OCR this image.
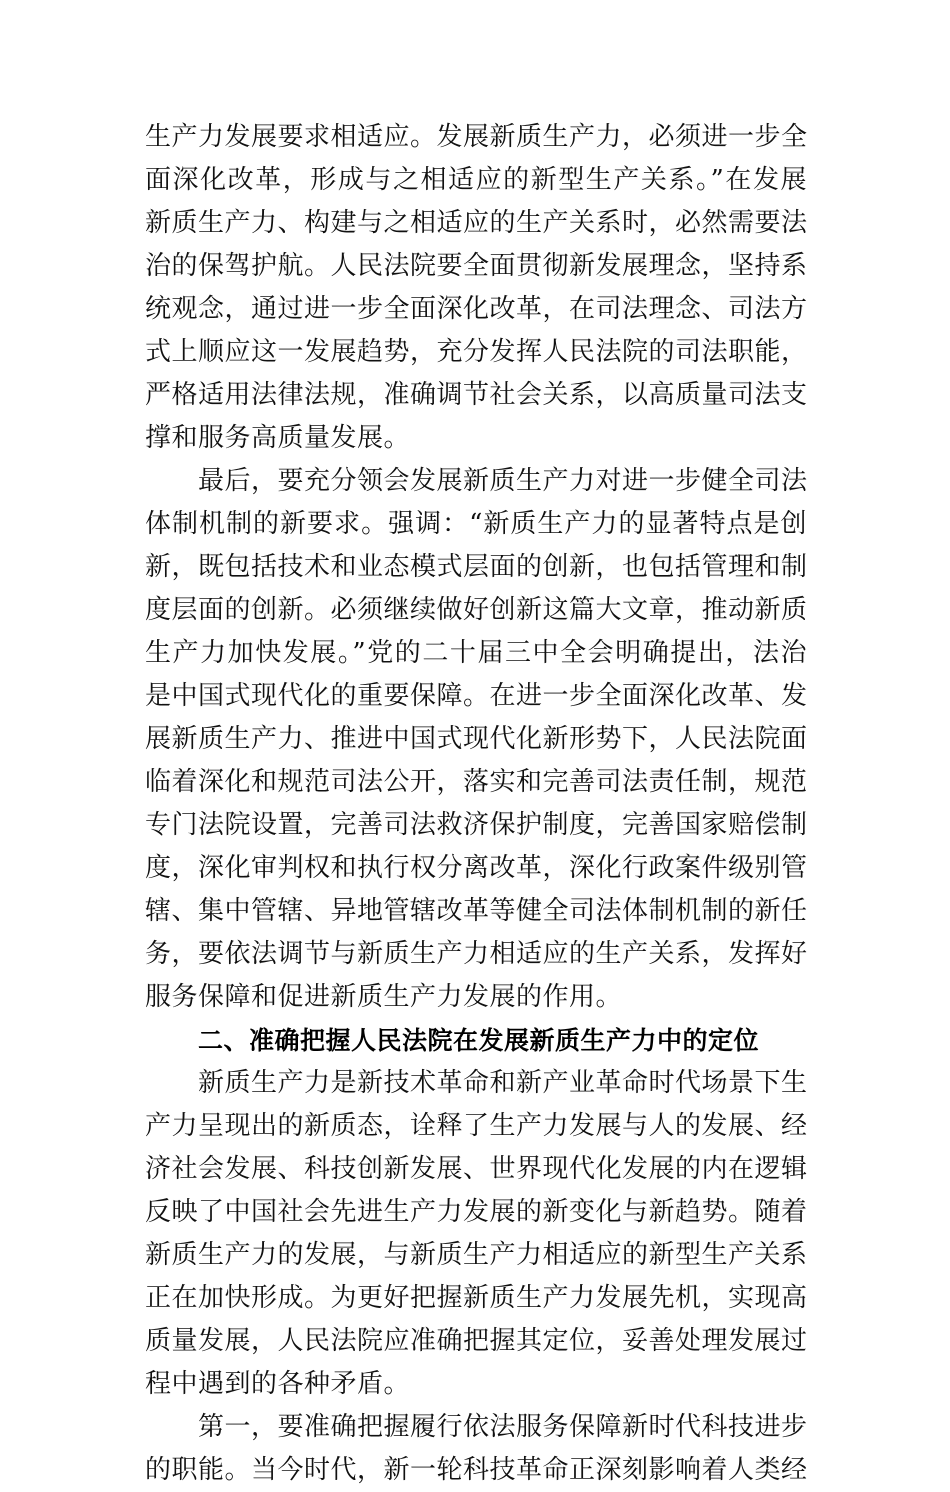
生产力发展要求相适应。发展新质生产力，必须进一步全
面深化改革，形成与之相适应的新型生产关系。”在发展
新质生产力、构建与之相适应的生产关系时，必然需要法
治的保驾护航。人民法院要全面贯彻新发展理念，坚持系
统观念，通过进一步全面深化改革，在司法理念、司法方
式上顺应这一发展趋势，充分发挥人民法院的司法职能，
严格适用法律法规，准确调节社会关系，以高质量司法支
撑和服务高质量发展。
最后，要充分领会发展新质生产力对进一步健全司法
体制机制的新要求。强调：“新质生产力的显著特点是创
新，既包括技术和业态模式层面的创新，也包括管理和制
度层面的创新。必须继续做好创新这篇大文章，推动新质
生产力加快发展。”党的二十届三中全会明确提出，法治
是中国式现代化的重要保障。在进一步全面深化改革、发
展新质生产力、推进中国式现代化新形势下，人民法院面
临着深化和规范司法公开，落实和完善司法责任制，规范
专门法院设置，完善司法救济保护制度，完善国家赔偿制
度，深化审判权和执行权分离改革，深化行政案件级别管
辖、集中管辖、异地管辖改革等健全司法体制机制的新任
务，要依法调节与新质生产力相适应的生产关系，发挥好
服务保障和促进新质生产力发展的作用。
二、准确把握人民法院在发展新质生产力中的定位
新质生产力是新技术革命和新产业革命时代场景下生
产力呈现出的新质态，诠释了生产力发展与人的发展、经
济社会发展、科技创新发展、世界现代化发展的内在逻辑
反映了中国社会先进生产力发展的新变化与新趋势。随着
新质生产力的发展，与新质生产力相适应的新型生产关系
正在加快形成。为更好把握新质生产力发展先机，实现高
质量发展，人民法院应准确把握其定位，妥善处理发展过
程中遇到的各种矛盾。
第一，要准确把握履行依法服务保障新时代科技进步
的职能。当今时代，新一轮科技革命正深刻影响着人类经
